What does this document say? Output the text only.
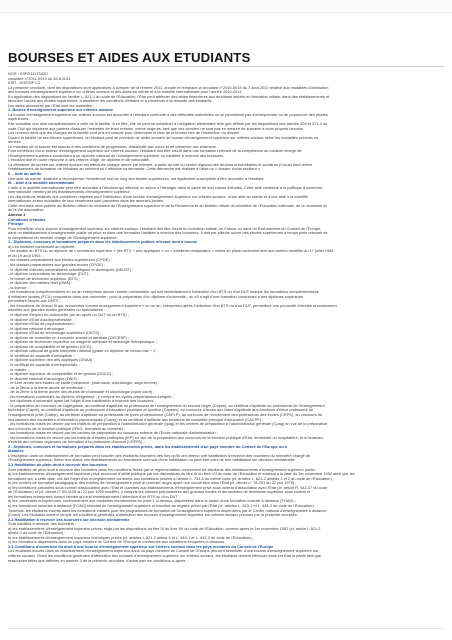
BOURSES ET AIDES AUX ETUDIANTS
NOR : ESRS1117342C
circulaire n°2011-0013 du 26-8-2011
ESR - DGESIP C2
La présente circulaire, dont les dispositions sont applicables à compter de la rentrée 2011, annule et remplace la circulaire n°2010-0018 du 7 août 2010 relative aux modalités d'attribution
des bourses d'enseignement supérieur sur critères sociaux et des aides au mérite et à la mobilité internationale pour l'année 2010-2011.
En application des dispositions de l'article L. 821-1 du code de l'Éducation, l'État peut attribuer des aides financières aux étudiants inscrits en formation initiale, dans des établissements et
favoriser l'accès aux études supérieures, à améliorer les conditions d'études et à contribuer à la réussite des étudiants.
Les aides accordées par l'État sont les suivantes :
1. Bourse d'enseignement supérieur sur critères sociaux
La bourse d'enseignement supérieur sur critères sociaux est accordée à l'étudiant confronté à des difficultés matérielles ne lui permettant pas d'entreprendre ou de poursuivre des études
supérieures.
Elle constitue une aide complémentaire à celle de la famille. À ce titre, elle ne peut se substituer à l'obligation alimentaire telle que définie par les dispositions des articles 203 et 371-2 du
code Civil qui imposent aux parents d'assurer l'entretien de leurs enfants, même majeurs, tant que ces derniers ne sont pas en mesure de subvenir à leurs propres besoins.
Les revenus ainsi que les charges de la famille sont pris en compte pour déterminer le taux de la bourse lors de l'instruction du dossier.
Durant la totalité de ses études supérieures, un étudiant peut se prévaloir de droits annuels de bourse d'enseignement supérieur sur critères sociaux selon les modalités prévues en
annexe.
Le maintien de la bourse est soumis à des conditions de progression, d'assiduité aux cours et de présence aux examens.
Pour bénéficier d'une bourse d'enseignement supérieur sur critères sociaux, l'étudiant doit être inscrit dans une formation relevant de la compétence du ministre chargé de
l'Enseignement supérieur conduisant à un diplôme national de l'enseignement supérieur ou habilitée à recevoir des boursiers.
L'étudiant doit en outre répondre à des critères d'âge, de diplôme et de nationalité.
La demande de bourse sur critères sociaux est effectuée chaque année par internet, à partir du site du centre régional des œuvres universitaires et scolaires (Crous) dont relève
l'établissement de formation de l'étudiant au moment où il effectue sa demande. Cette démarche est réalisée à l'aide du « dossier social étudiant ».
II. - Aide au mérite
Une aide au mérite, destinée à récompenser l'excellence tout au long des études supérieures, est également susceptible d'être accordée à l'étudiant.
III. - Aide à la mobilité internationale
L'aide à la mobilité internationale peut être accordée à l'étudiant qui effectue un séjour à l'étranger dans le cadre de son cursus d'études. Cette aide contribue à la politique d'ouverture
internationale menée par les établissements d'enseignement supérieur.
Les dispositions relatives aux conditions requises pour l'attribution d'une bourse d'enseignement supérieur sur critères sociaux, d'une aide au mérite et d'une aide à la mobilité
internationale et aux modalités de leur versement sont précisées dans les annexes jointes.
Cette circulaire sera publiée au Bulletin officiel du ministère de l'Enseignement supérieur et de la Recherche et au Bulletin officiel du ministère de l'Éducation nationale, de la Jeunesse et
de la Vie associative.
Annexe 1
Conditions d'études
Principe
Pour bénéficier d'une bourse d'enseignement supérieur sur critères sociaux, l'étudiant doit être inscrit en formation initiale, en France ou dans un État membre du Conseil de l'Europe,
dans un établissement d'enseignement public ou privé et dans une formation habilitée à recevoir des boursiers. Il doit par ailleurs suivre des études supérieures à temps plein relevant de
la compétence du ministre chargé de l'Enseignement supérieur.
1 - Diplômes, concours et formations préparés dans les établissements publics relevant dont à bourse
a) Les sections conduisant au diplôme:
- les études au BTS ou au diplôme de « technicien supérieur » (les BTS + arts appliqués « ou » hôtellerie-restauration « mises en place conformément aux arrêtés modifiés du 17 juillet 1984
et du 19 août 1993 ;
- les classes préparatoires aux études supérieures (CPGE) ;
- les classes préparatoires aux grandes écoles (CPGE) ;
- le diplôme d'études universitaires scientifiques et techniques (DEUST) ;
- le diplôme universitaire de technologie (DUT) ;
- le brevet de technicien supérieur (BTS) ;
- le diplôme des métiers d'art (DMA) ;
- la licence ;
- les formations complémentaires en un an entreprises durant l'année universitaire qui suit immédiatement l'obtention d'un BTS ou d'un DUT lorsque les formations complémentaires
d'initiatives locales (FCIL) proposées dans une université ; pour la préparation d'un diplôme d'université ; ou s'il s'agit d'une formation conduisant à des diplômes supérieurs
permettant l'accès aux DNTS ;
- les formations de niveau III qui, annoncées comme enseignement supérieur « en un an, entreprises après l'obtention d'un BTS ou d'un DUT, permettent une poursuite d'études et notamment
inscrites aux grandes écoles générales ou spécialisées :
- le diplôme d'expert en automobile (un an après un DUT ou un BTS) ;
- le diplôme d'État d'audioprothésiste ;
- le diplôme d'État de psychomotricien ;
- le diplôme national d'œnologue ;
- le diplôme d'État de technologie supérieure (DNTS) ;
- le diplôme de conseiller en économie sociale et familiale (DECESF) ;
- le diplôme de technicien supérieur en imagerie médicale et radiologie thérapeutique ;
- le diplôme de comptabilité et de gestion (DCG) ;
- le diplôme national de guide interprète national (grade en diplôme de niveau bac + 2 ;
- le certificat de capacité d'orthoptiste ;
- le diplôme supérieur des arts appliqués (DSAA) ;
- le certificat de capacité d'orthophoniste ;
- le master ;
- le diplôme supérieur de comptabilité et de gestion (DSCG) ;
- le diplôme national d'œnologue (DNO) ;
- le 1ère année des études de santé (médecine, pharmacie, odontologie, sage-femme) ;
- de la 2ème à la 6ème année de médecine ;
- de la 2ème à la 6ème année des études de pharmacie et odontologie (cycle court) ;
- les formations conduisant au diplôme d'ingénieur ; y compris les cycles préparatoires intégrés ;
- les diplômes d'université ayant fait l'objet d'une habilitation à recevoir des boursiers ;
- la préparation au concours de l'agrégation, au certificat d'aptitude au professorat de l'enseignement du second degré (Capes), au certificat d'aptitude au professorat de l'enseignement
technique (Capet), au certificat d'aptitude au professorat d'éducation physique et sportive (Capeps), au concours d'accès aux listes d'aptitude aux fonctions d'élève professeur de
l'enseignement privé (Cafep), au certificat d'aptitude au professorat de lycée professionnel (CAPLP), au concours de recrutement des professeurs des écoles (CRPE), au concours de
recrutement des conseillers d'orientation-psychologues (Copsy) et au certificat d'aptitude aux fonctions de conseiller principal d'éducation (CACPE) ;
- les formations mises en œuvre par les instituts de préparation à l'administration générale (Ipag) et les centres de préparation à l'administration générale (Cpag) en vue de la préparation
aux concours de la fonction publique (IPAG, formation au doctorat) ;
- les formations mises en œuvre par les centres de préparation au concours externe de l'École nationale d'administration ;
- les formations mises en œuvre par les instituts d'études politiques (IEP) en vue de la préparation aux concours de la fonction publique d'État, territoriale ou hospitalière, et à l'examen
d'entrée aux centres régionaux de formation à la profession d'avocat (CRFPA) ;
2 - Diplômes, concours et formations préparés dans les établissements privés, dans les établissements d'un pays membre du Conseil de l'Europe ou à
distance
L'inscription dans un établissement de formation peut susciter des étudiants boursiers dès lors qu'ils ont obtenu une habilitation à recevoir des boursiers du ministère chargé de
l'Enseignement supérieur. Selon leur statut, ces établissements ou formations sont soit d'une habilitation ou peut être celui de leur habilitation sur décision ministérielle.
2.1 Habilitation de plein droit à recevoir des boursiers
Sont habilités de plein droit à recevoir des boursiers dans les conditions fixées par la réglementation concernant les étudiants des établissements d'enseignement supérieur public :
a) les établissements d'enseignement supérieur privé reconnus d'utilité publique par les dispositions du titre III du livre VII du code de l'Éducation et existant à la date du 1er novembre 1952 ainsi que les
formations qui, à cette date, ont fait l'objet d'un enregistrement conforme aux conditions posées à l'article L. 731-5 du même code (cf. articles L. 821-2 alinéas 1 et 2 du code de l'Éducation) ;
b) les centres de formation pédagogique des maîtres de l'enseignement privé du premier degré ayant une convention avec l'État (cf. décret n° 78-251 du 22 juin 1978) ;
c) les formations précisées sous contrat d'association avec l'État et ouvertes aux établissements d'enseignement privé sous contrat d'association avec l'État (cf. article R. 442-37 du code
de l'Éducation) et (cf. décret n° 59-1125 du 22 juin 1990 modifié), y compris les classes préparatoires aux grandes écoles et les sections de technicien supérieur sous contrat et
les formations entreprises durant l'année qui suit immédiatement l'obtention d'un BTS ou d'un DUT ;
d) les universités européennes, conformément aux modalités mentionnées au point 1 ci-dessus, dispensées dans le cadre d'une formation ouverte à distance (FOAD) ;
e) les formations ouvertes à distance (FOAD) relevant de l'enseignement supérieur et inscrites au registre prévu par l'État (cf. articles L. 823-1 et L. 444-3 du code de l'Éducation).
Toutefois, les étudiants inscrits dans les formations initiales pour les programmes de formation de l'enseignement supérieur dispensées par le Centre national d'enseignement à distance
(Cned). Les étudiants doivent remplir les conditions générales d'attribution des bourses d'enseignement supérieur sur critères sociaux prévues par la présente circulaire.
2.2 Habilitation à recevoir des boursiers sur décision ministérielle
Sont habilités à recevoir des boursiers :
a) les établissements d'enseignement supérieur privés, régis par les dispositions du titre III du livre VII du code de l'Éducation, ouverts après le 1er novembre 1952 (cf. article L.821-2
alinéa 3 du code de l'Éducation) ;
b) les établissements d'enseignement supérieur techniques privés (cf. articles L.821-2 alinéa 3 et L. 443-1 et L. 443-3 du code de l'Éducation) ;
c) les formations dispensées dans un pays membre du Conseil de l'Europe et conformes aux conditions évoquées ci-dessous.
2.3 Conditions d'ouverture du droit à une bourse d'enseignement supérieur sur critères sociaux dans les pays membres du Conseil de l'Europe
Les étudiants inscrits dans un établissement d'enseignement supérieur dans un pays membre du Conseil de l'Europe peuvent bénéficier d'une bourse d'enseignement supérieur sur
critères sociaux. Outre les conditions générales d'attribution des bourses d'enseignement supérieur sur critères sociaux, les étudiants doivent effectuer dans cet État la partie tant que
ressources telles que définies en annexe 3 de la présente circulaire, d'autre part les conditions ci-après :
